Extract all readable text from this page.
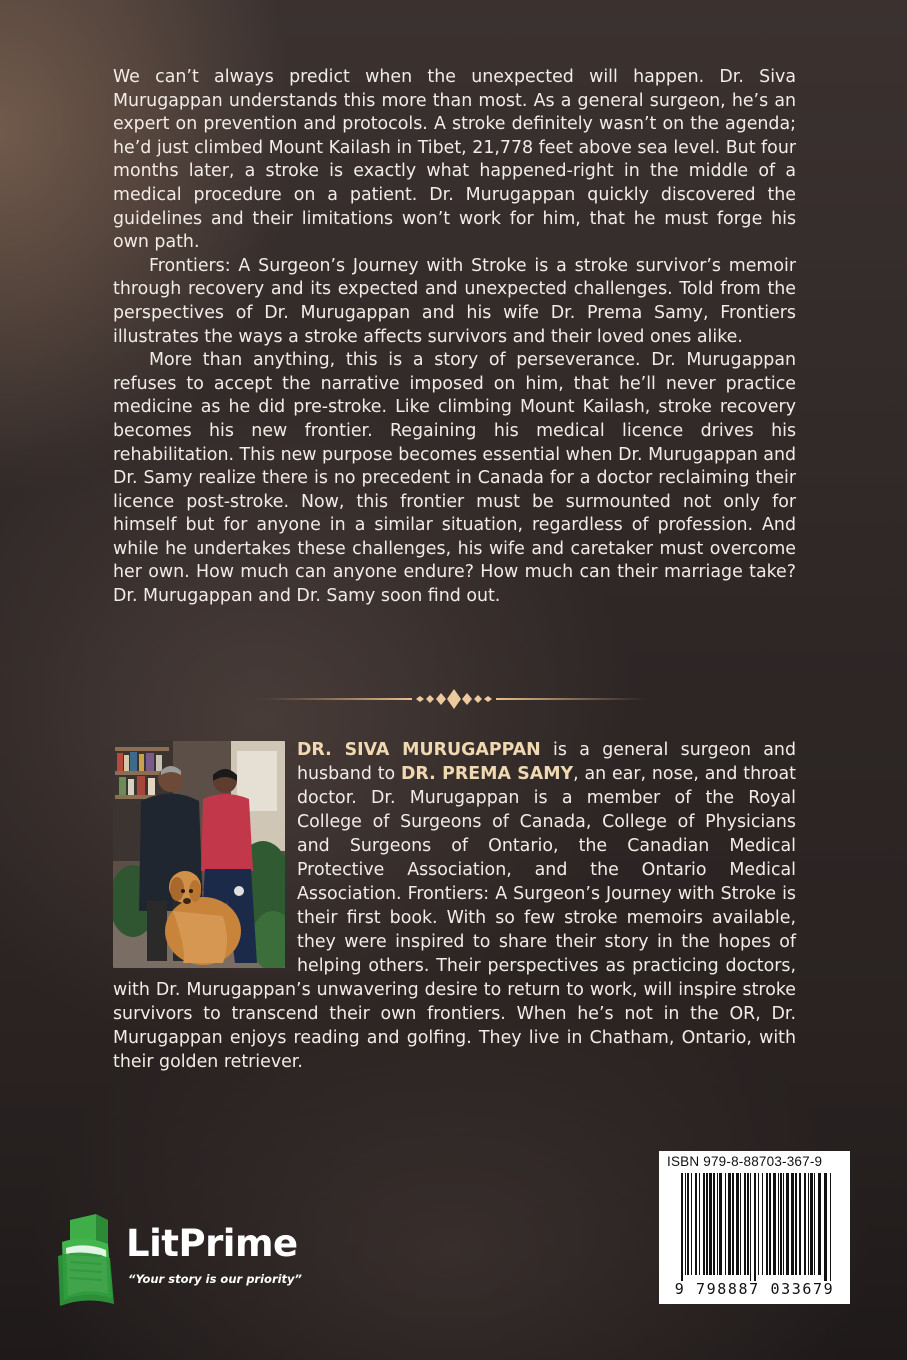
We can’t always predict when the unexpected will happen. Dr. Siva Murugappan understands this more than most. As a general surgeon, he’s an expert on prevention and protocols. A stroke definitely wasn’t on the agenda; he’d just climbed Mount Kailash in Tibet, 21,778 feet above sea level. But four months later, a stroke is exactly what happened-right in the middle of a medical procedure on a patient. Dr. Murugappan quickly discovered the guidelines and their limitations won’t work for him, that he must forge his own path.

Frontiers: A Surgeon’s Journey with Stroke is a stroke survivor’s memoir through recovery and its expected and unexpected challenges. Told from the perspectives of Dr. Murugappan and his wife Dr. Prema Samy, Frontiers illustrates the ways a stroke affects survivors and their loved ones alike.

More than anything, this is a story of perseverance. Dr. Murugappan refuses to accept the narrative imposed on him, that he’ll never practice medicine as he did pre-stroke. Like climbing Mount Kailash, stroke recovery becomes his new frontier. Regaining his medical licence drives his rehabilitation. This new purpose becomes essential when Dr. Murugappan and Dr. Samy realize there is no precedent in Canada for a doctor reclaiming their licence post-stroke. Now, this frontier must be surmounted not only for himself but for anyone in a similar situation, regardless of profession. And while he undertakes these challenges, his wife and caretaker must overcome her own. How much can anyone endure? How much can their marriage take? Dr. Murugappan and Dr. Samy soon find out.

DR. SIVA MURUGAPPAN is a general surgeon and husband to DR. PREMA SAMY, an ear, nose, and throat doctor. Dr. Murugappan is a member of the Royal College of Surgeons of Canada, College of Physicians and Surgeons of Ontario, the Canadian Medical Protective Association, and the Ontario Medical Association. Frontiers: A Surgeon’s Journey with Stroke is their first book. With so few stroke memoirs available, they were inspired to share their story in the hopes of helping others. Their perspectives as practicing doctors, with Dr. Murugappan’s unwavering desire to return to work, will inspire stroke survivors to transcend their own frontiers. When he’s not in the OR, Dr. Murugappan enjoys reading and golfing. They live in Chatham, Ontario, with their golden retriever.

ISBN 979-8-88703-367-9
9 798887 033679
LitPrime
“Your story is our priority”
